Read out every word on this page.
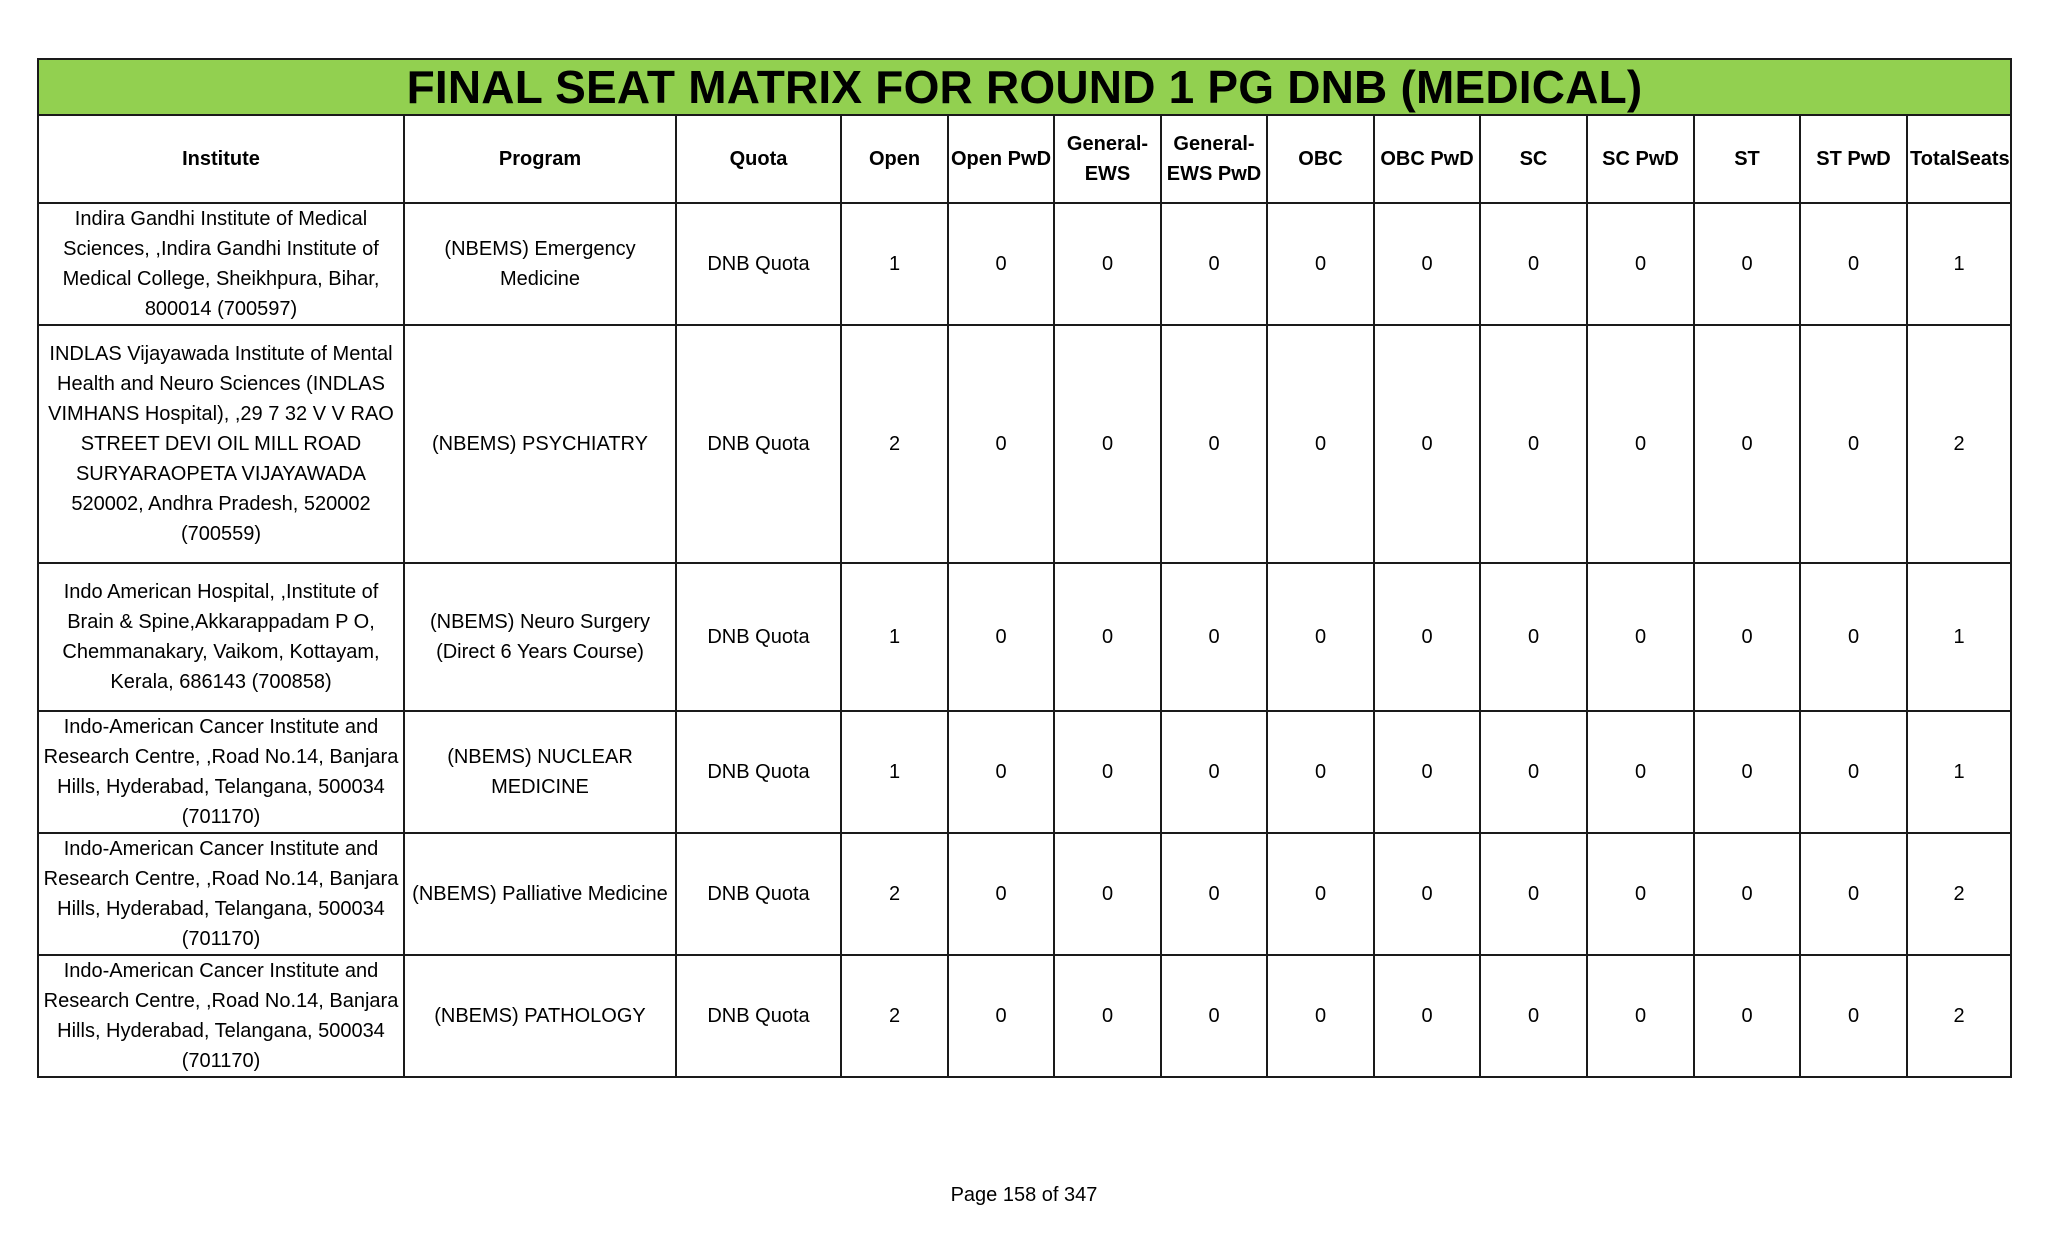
FINAL SEAT MATRIX FOR ROUND 1 PG DNB (MEDICAL)													
Institute	Program	Quota	Open	Open PwD	General-EWS	General-EWS PwD	OBC	OBC PwD	SC	SC PwD	ST	ST PwD	TotalSeats
Indira Gandhi Institute of Medical Sciences, ,Indira Gandhi Institute of Medical College, Sheikhpura, Bihar, 800014 (700597)	(NBEMS) Emergency Medicine	DNB Quota	1	0	0	0	0	0	0	0	0	0	1
INDLAS Vijayawada Institute of Mental Health and Neuro Sciences (INDLAS VIMHANS Hospital), ,29 7 32 V V RAO STREET DEVI OIL MILL ROAD SURYARAOPETA VIJAYAWADA 520002, Andhra Pradesh, 520002 (700559)	(NBEMS) PSYCHIATRY	DNB Quota	2	0	0	0	0	0	0	0	0	0	2
Indo American Hospital, ,Institute of Brain & Spine,Akkarappadam P O, Chemmanakary, Vaikom, Kottayam, Kerala, 686143 (700858)	(NBEMS) Neuro Surgery (Direct 6 Years Course)	DNB Quota	1	0	0	0	0	0	0	0	0	0	1
Indo-American Cancer Institute and Research Centre, ,Road No.14, Banjara Hills, Hyderabad, Telangana, 500034 (701170)	(NBEMS) NUCLEAR MEDICINE	DNB Quota	1	0	0	0	0	0	0	0	0	0	1
Indo-American Cancer Institute and Research Centre, ,Road No.14, Banjara Hills, Hyderabad, Telangana, 500034 (701170)	(NBEMS) Palliative Medicine	DNB Quota	2	0	0	0	0	0	0	0	0	0	2
Indo-American Cancer Institute and Research Centre, ,Road No.14, Banjara Hills, Hyderabad, Telangana, 500034 (701170)	(NBEMS) PATHOLOGY	DNB Quota	2	0	0	0	0	0	0	0	0	0	2
Page 158 of 347
